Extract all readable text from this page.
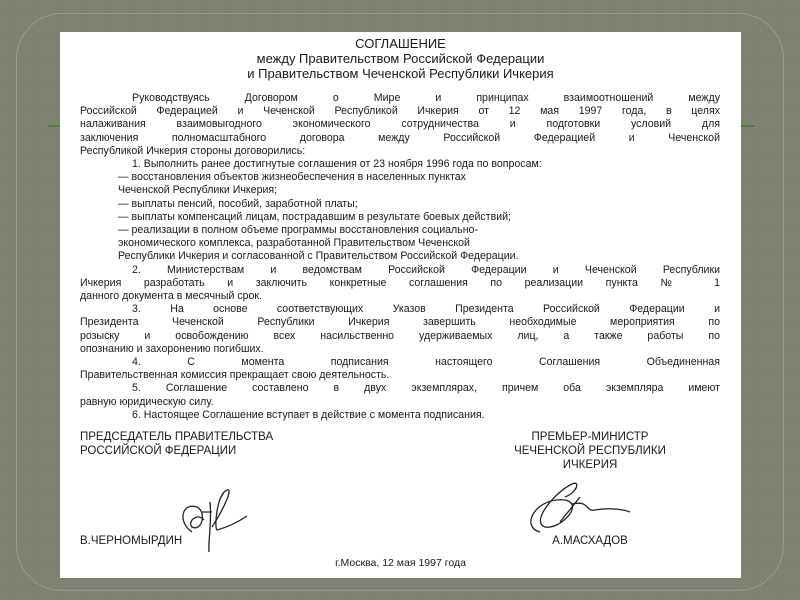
СОГЛАШЕНИЕ
между Правительством Российской Федерации
и Правительством Чеченской Республики Ичкерия
Руководствуясь Договором о Мире и принципах взаимоотношений между
Российской Федерацией и Чеченской Республикой Ичкерия от 12 мая 1997 года, в целях
налаживания взаимовыгодного экономического сотрудничества и подготовки условий для
заключения полномасштабного договора между Российской Федерацией и Чеченской
Республикой Ичкерия стороны договорились:
1. Выполнить ранее достигнутые соглашения от 23 ноября 1996 года по вопросам:
— восстановления объектов жизнеобеспечения в населенных пунктах
Чеченской Республики Ичкерия;
— выплаты пенсий, пособий, заработной платы;
— выплаты компенсаций лицам, пострадавшим в результате боевых действий;
— реализации в полном объеме программы восстановления социально-
экономического комплекса, разработанной Правительством Чеченской
Республики Ичкерия и согласованной с Правительством Российской Федерации.
2. Министерствам и ведомствам Российской Федерации и Чеченской Республики
Ичкерия разработать и заключить конкретные соглашения по реализации пункта № 1
данного документа в месячный срок.
3. На основе соответствующих Указов Президента Российской Федерации и
Президента Чеченской Республики Ичкерия завершить необходимые мероприятия по
розыску и освобождению всех насильственно удерживаемых лиц, а также работы по
опознанию и захоронению погибших.
4. С момента подписания настоящего Соглашения Объединенная
Правительственная комиссия прекращает свою деятельность.
5. Соглашение составлено в двух экземплярах, причем оба экземпляра имеют
равную юридическую силу.
6. Настоящее Соглашение вступает в действие с момента подписания.
ПРЕДСЕДАТЕЛЬ ПРАВИТЕЛЬСТВА
РОССИЙСКОЙ ФЕДЕРАЦИИ
В.ЧЕРНОМЫРДИН
ПРЕМЬЕР-МИНИСТР
ЧЕЧЕНСКОЙ РЕСПУБЛИКИ
ИЧКЕРИЯ
А.МАСХАДОВ
г.Москва, 12 мая 1997 года
